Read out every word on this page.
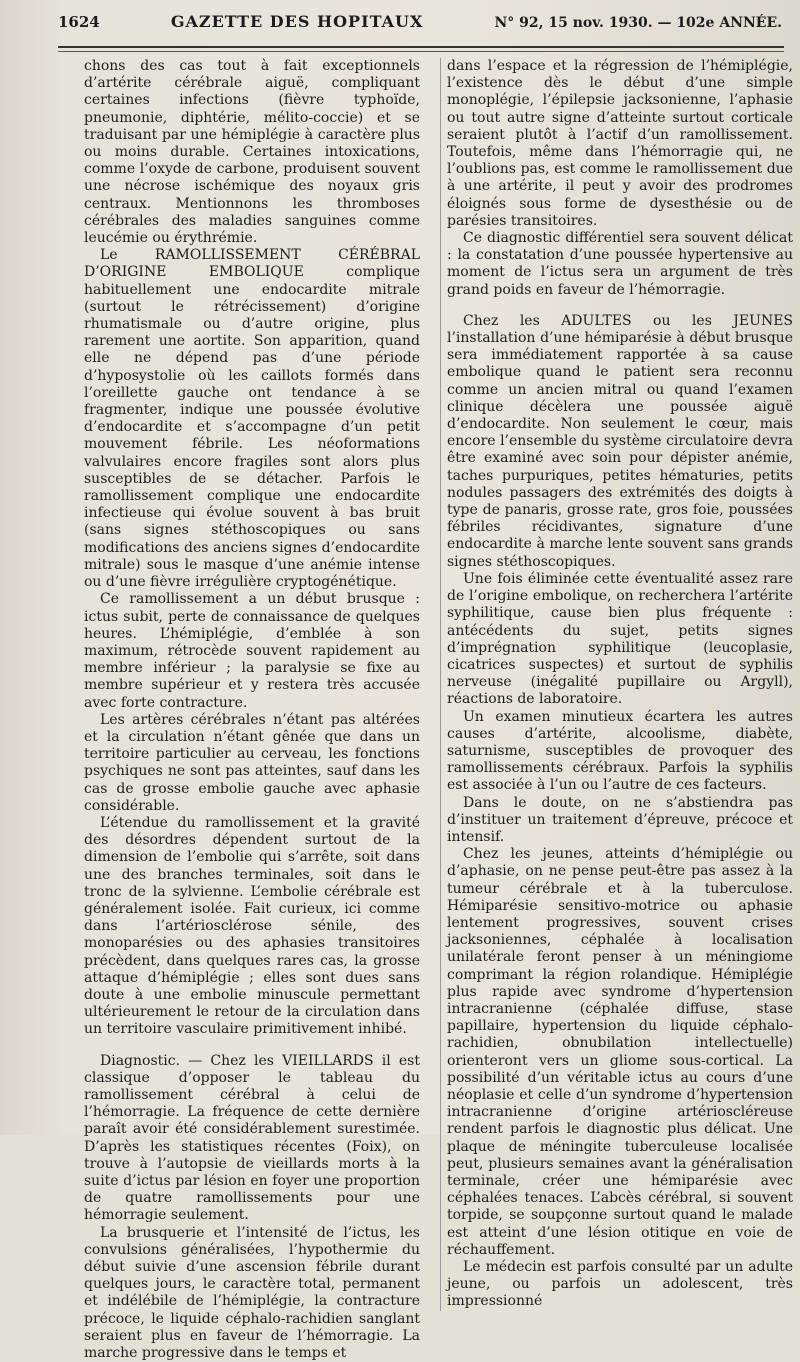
1624	GAZETTE DES HOPITAUX	N° 92, 15 nov. 1930. — 102e ANNÉE.

chons des cas tout à fait exceptionnels d’artérite cérébrale aiguë, compliquant certaines infections (fièvre typhoïde, pneumonie, diphtérie, mélito-coccie) et se traduisant par une hémiplégie à caractère plus ou moins durable. Certaines intoxications, comme l’oxyde de carbone, produisent souvent une nécrose ischémique des noyaux gris centraux. Mentionnons les thromboses cérébrales des maladies sanguines comme leucémie ou érythrémie.

Le RAMOLLISSEMENT CÉRÉBRAL D’ORIGINE EMBOLIQUE complique habituellement une endocardite mitrale (surtout le rétrécissement) d’origine rhumatismale ou d’autre origine, plus rarement une aortite. Son apparition, quand elle ne dépend pas d’une période d’hyposystolie où les caillots formés dans l’oreillette gauche ont tendance à se fragmenter, indique une poussée évolutive d’endocardite et s’accompagne d’un petit mouvement fébrile. Les néoformations valvulaires encore fragiles sont alors plus susceptibles de se détacher. Parfois le ramollissement complique une endocardite infectieuse qui évolue souvent à bas bruit (sans signes stéthoscopiques ou sans modifications des anciens signes d’endocardite mitrale) sous le masque d’une anémie intense ou d’une fièvre irrégulière cryptogénétique.

Ce ramollissement a un début brusque : ictus subit, perte de connaissance de quelques heures. L’hémiplégie, d’emblée à son maximum, rétrocède souvent rapidement au membre inférieur ; la paralysie se fixe au membre supérieur et y restera très accusée avec forte contracture.

Les artères cérébrales n’étant pas altérées et la circulation n’étant gênée que dans un territoire particulier au cerveau, les fonctions psychiques ne sont pas atteintes, sauf dans les cas de grosse embolie gauche avec aphasie considérable.

L’étendue du ramollissement et la gravité des désordres dépendent surtout de la dimension de l’embolie qui s’arrête, soit dans une des branches terminales, soit dans le tronc de la sylvienne. L’embolie cérébrale est généralement isolée. Fait curieux, ici comme dans l’artériosclérose sénile, des monoparésies ou des aphasies transitoires précèdent, dans quelques rares cas, la grosse attaque d’hémiplégie ; elles sont dues sans doute à une embolie minuscule permettant ultérieurement le retour de la circulation dans un territoire vasculaire primitivement inhibé.

Diagnostic. — Chez les VIEILLARDS il est classique d’opposer le tableau du ramollissement cérébral à celui de l’hémorragie. La fréquence de cette dernière paraît avoir été considérablement surestimée. D’après les statistiques récentes (Foix), on trouve à l’autopsie de vieillards morts à la suite d’ictus par lésion en foyer une proportion de quatre ramollissements pour une hémorragie seulement.

La brusquerie et l’intensité de l’ictus, les convulsions généralisées, l’hypothermie du début suivie d’une ascension fébrile durant quelques jours, le caractère total, permanent et indélébile de l’hémiplégie, la contracture précoce, le liquide céphalo-rachidien sanglant seraient plus en faveur de l’hémorragie. La marche progressive dans le temps et

dans l’espace et la régression de l’hémiplégie, l’existence dès le début d’une simple monoplégie, l’épilepsie jacksonienne, l’aphasie ou tout autre signe d’atteinte surtout corticale seraient plutôt à l’actif d’un ramollissement. Toutefois, même dans l’hémorragie qui, ne l’oublions pas, est comme le ramollissement due à une artérite, il peut y avoir des prodromes éloignés sous forme de dysesthésie ou de parésies transitoires.

Ce diagnostic différentiel sera souvent délicat : la constatation d’une poussée hypertensive au moment de l’ictus sera un argument de très grand poids en faveur de l’hémorragie.

Chez les ADULTES ou les JEUNES l’installation d’une hémiparésie à début brusque sera immédiatement rapportée à sa cause embolique quand le patient sera reconnu comme un ancien mitral ou quand l’examen clinique décèlera une poussée aiguë d’endocardite. Non seulement le cœur, mais encore l’ensemble du système circulatoire devra être examiné avec soin pour dépister anémie, taches purpuriques, petites hématuries, petits nodules passagers des extrémités des doigts à type de panaris, grosse rate, gros foie, poussées fébriles récidivantes, signature d’une endocardite à marche lente souvent sans grands signes stéthoscopiques.

Une fois éliminée cette éventualité assez rare de l’origine embolique, on recherchera l’artérite syphilitique, cause bien plus fréquente : antécédents du sujet, petits signes d’imprégnation syphilitique (leucoplasie, cicatrices suspectes) et surtout de syphilis nerveuse (inégalité pupillaire ou Argyll), réactions de laboratoire.

Un examen minutieux écartera les autres causes d’artérite, alcoolisme, diabète, saturnisme, susceptibles de provoquer des ramollissements cérébraux. Parfois la syphilis est associée à l’un ou l’autre de ces facteurs.

Dans le doute, on ne s’abstiendra pas d’instituer un traitement d’épreuve, précoce et intensif.

Chez les jeunes, atteints d’hémiplégie ou d’aphasie, on ne pense peut-être pas assez à la tumeur cérébrale et à la tuberculose. Hémiparésie sensitivo-motrice ou aphasie lentement progressives, souvent crises jacksoniennes, céphalée à localisation unilatérale feront penser à un méningiome comprimant la région rolandique. Hémiplégie plus rapide avec syndrome d’hypertension intracranienne (céphalée diffuse, stase papillaire, hypertension du liquide céphalo-rachidien, obnubilation intellectuelle) orienteront vers un gliome sous-cortical. La possibilité d’un véritable ictus au cours d’une néoplasie et celle d’un syndrome d’hypertension intracranienne d’origine artérioscléreuse rendent parfois le diagnostic plus délicat. Une plaque de méningite tuberculeuse localisée peut, plusieurs semaines avant la généralisation terminale, créer une hémiparésie avec céphalées tenaces. L’abcès cérébral, si souvent torpide, se soupçonne surtout quand le malade est atteint d’une lésion otitique en voie de réchauffement.

Le médecin est parfois consulté par un adulte jeune, ou parfois un adolescent, très impressionné
